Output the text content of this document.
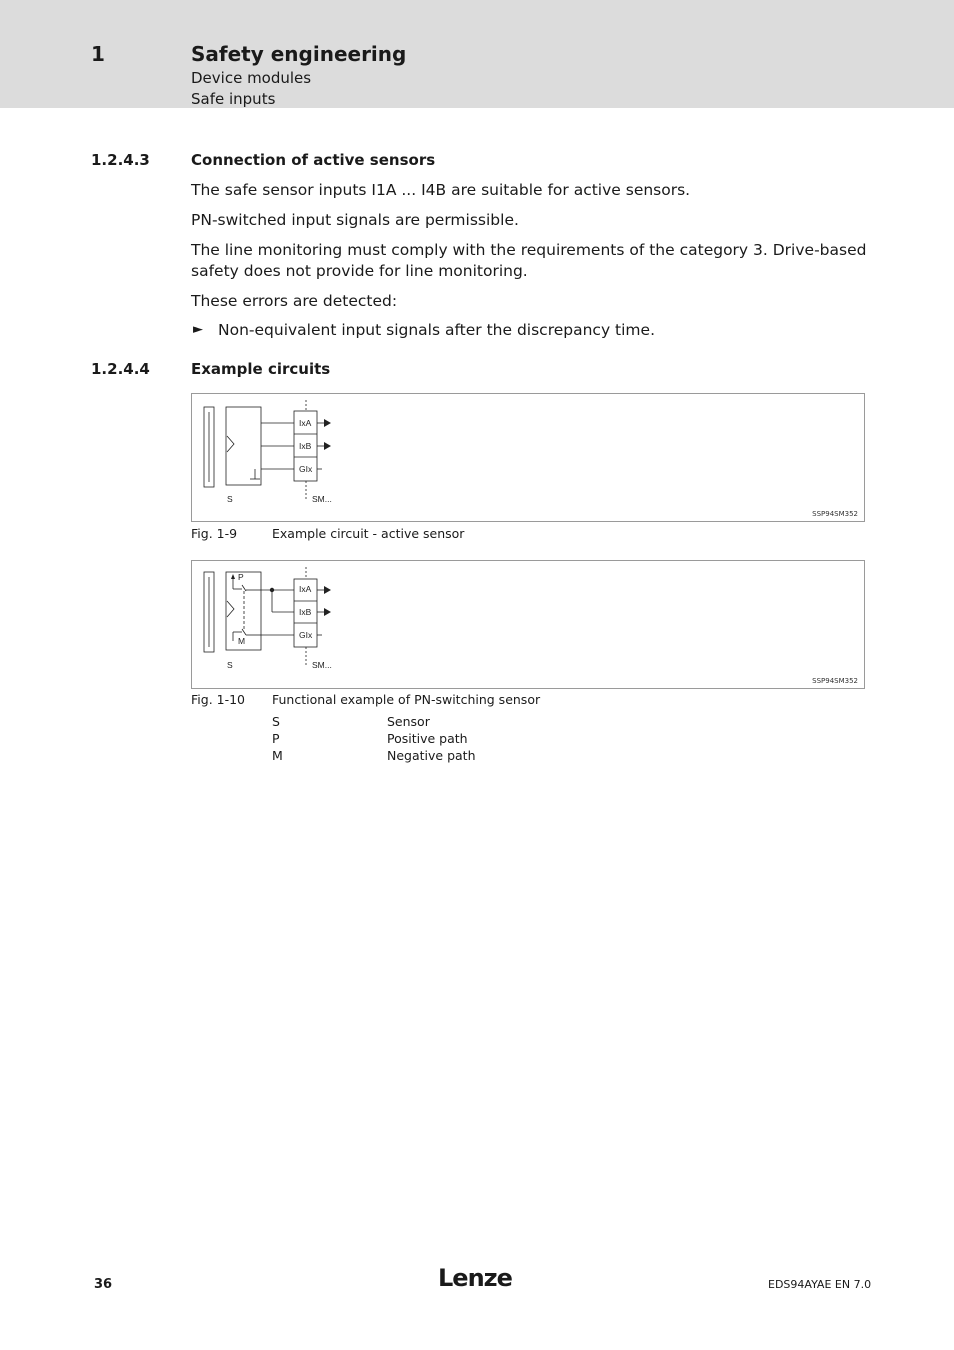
1	Safety engineering
Device modules
Safe inputs
1.2.4.3	Connection of active sensors
The safe sensor inputs I1A ... I4B are suitable for active sensors.
PN-switched input signals are permissible.
The line monitoring must comply with the requirements of the category 3. Drive-based safety does not provide for line monitoring.
These errors are detected:
► Non-equivalent input signals after the discrepancy time.
1.2.4.4	Example circuits
IxA
IxB
GIx
S	SM...
SSP94SM352
Fig. 1-9	Example circuit - active sensor
P
M
IxA
IxB
GIx
S	SM...
SSP94SM352
Fig. 1-10 Functional example of PN-switching sensor
S	Sensor
P	Positive path
M	Negative path
36	Lenze	EDS94AYAE EN 7.0
